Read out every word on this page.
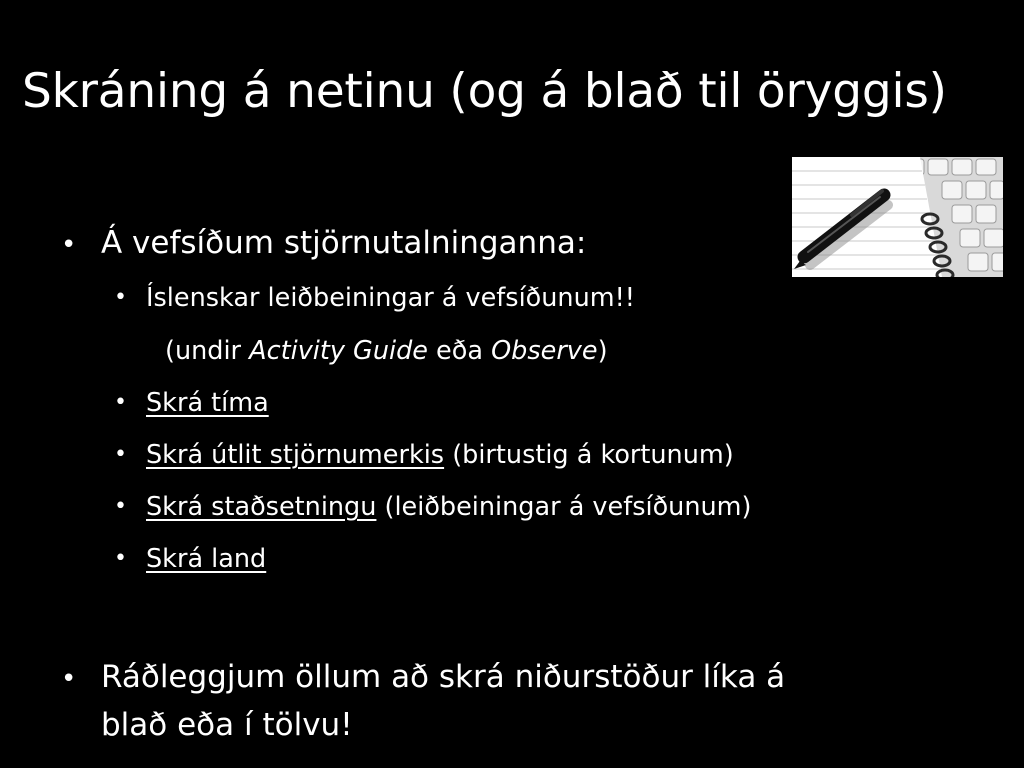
Skráning á netinu (og á blað til öryggis)
• Á vefsíðum stjörnutalninganna:
• Íslenskar leiðbeiningar á vefsíðunum!!
(undir Activity Guide eða Observe)
• Skrá tíma
• Skrá útlit stjörnumerkis (birtustig á kortunum)
• Skrá staðsetningu (leiðbeiningar á vefsíðunum)
• Skrá land
• Ráðleggjum öllum að skrá niðurstöður líka á
blað eða í tölvu!
